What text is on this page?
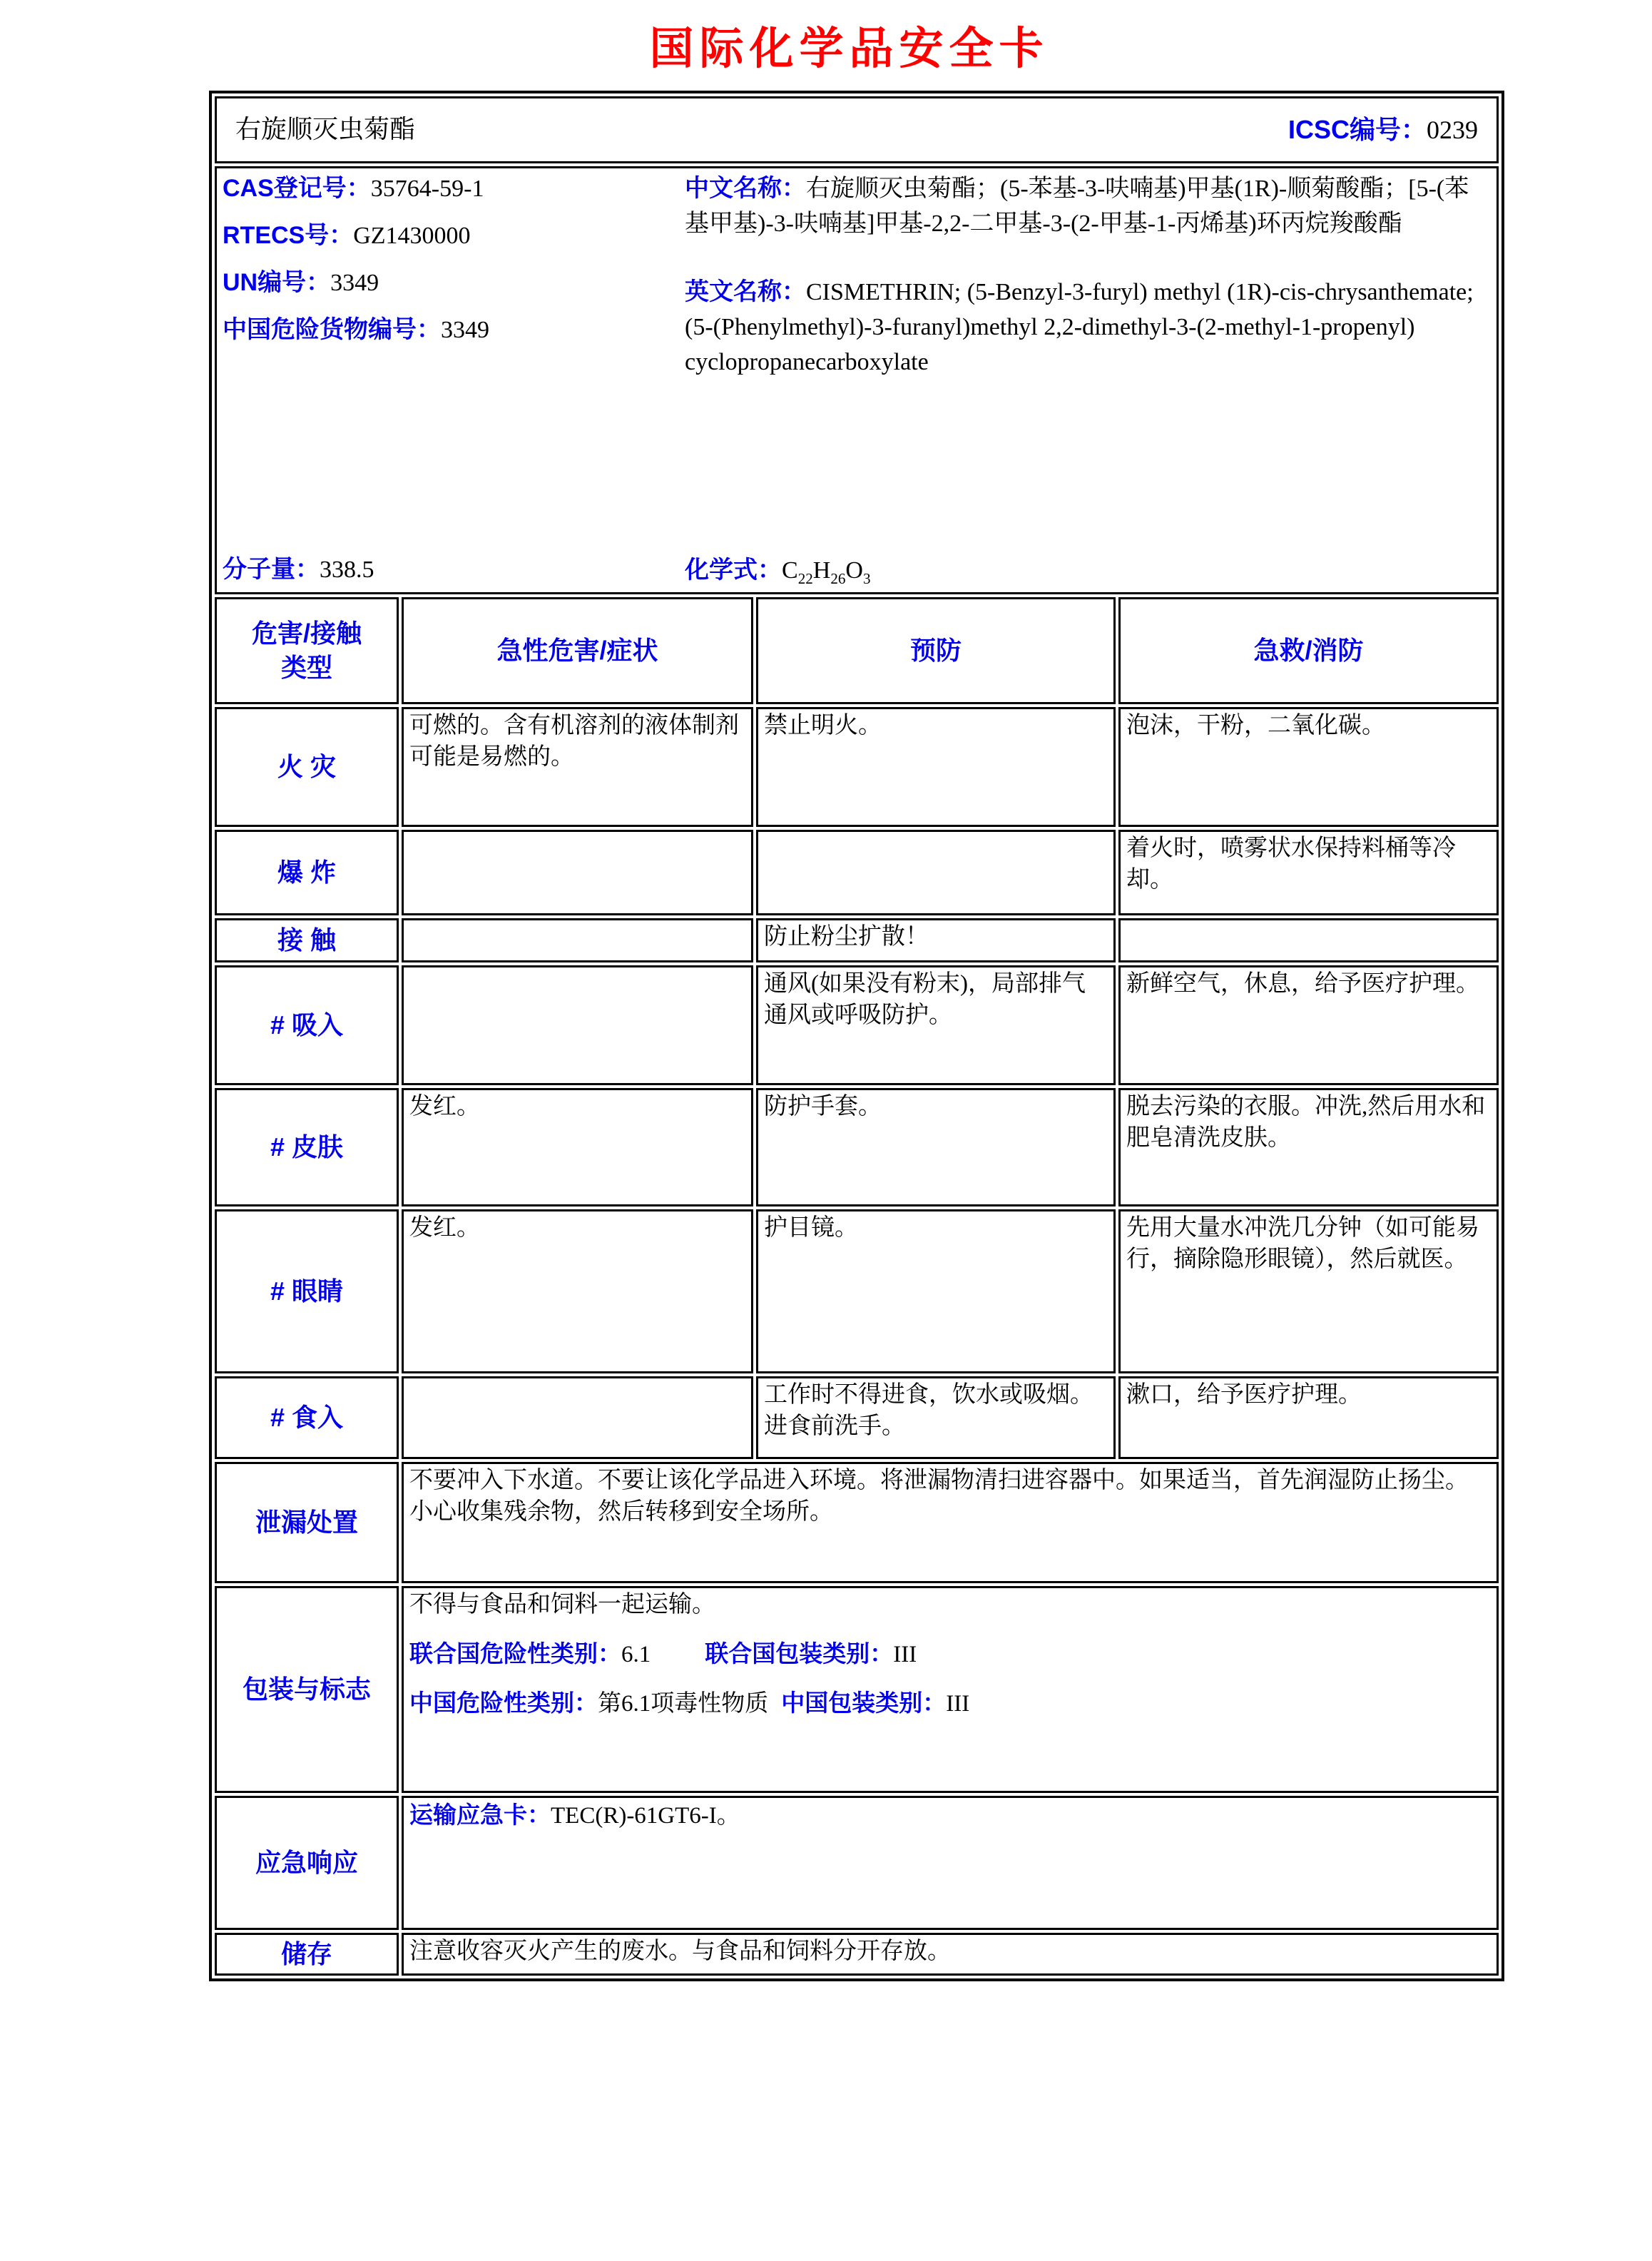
国际化学品安全卡
右旋顺灭虫菊酯 ICSC编号：0239			

CAS登记号：35764-59-1
RTECS号：GZ1430000
UN编号：3349
中国危险货物编号：3349
分子量：338.5
中文名称：右旋顺灭虫菊酯；(5-苯基-3-呋喃基)甲基(1R)-顺菊酸酯；[5-(苯基甲基)-3-呋喃基]甲基-2,2-二甲基-3-(2-甲基-1-丙烯基)环丙烷羧酸酯
英文名称：CISMETHRIN; (5-Benzyl-3-furyl) methyl (1R)-cis-chrysanthemate; (5-(Phenylmethyl)-3-furanyl)methyl 2,2-dimethyl-3-(2-methyl-1-propenyl) cyclopropanecarboxylate
化学式：$C_{22}H_{26}O_3$

危害/接触
类型	急性危害/症状	预防	急救/消防
火 灾	可燃的。含有机溶剂的液体制剂可能是易燃的。	禁止明火。	泡沫，干粉，二氧化碳。
爆 炸			着火时，喷雾状水保持料桶等冷却。
接 触		防止粉尘扩散！	
# 吸入		通风(如果没有粉末)，局部排气通风或呼吸防护。	新鲜空气，休息，给予医疗护理。
# 皮肤	发红。	防护手套。	脱去污染的衣服。冲洗,然后用水和肥皂清洗皮肤。
# 眼睛	发红。	护目镜。	先用大量水冲洗几分钟（如可能易行，摘除隐形眼镜），然后就医。
# 食入		工作时不得进食，饮水或吸烟。进食前洗手。	漱口，给予医疗护理。
泄漏处置	不要冲入下水道。不要让该化学品进入环境。将泄漏物清扫进容器中。如果适当，首先润湿防止扬尘。小心收集残余物，然后转移到安全场所。		
包装与标志	不得与食品和饲料一起运输。
联合国危险性类别：6.1 联合国包装类别：III
中国危险性类别：第6.1项毒性物质 中国包装类别：III		

应急响应	运输应急卡：TEC(R)-61GT6-I。		
储存	注意收容灭火产生的废水。与食品和饲料分开存放。		
